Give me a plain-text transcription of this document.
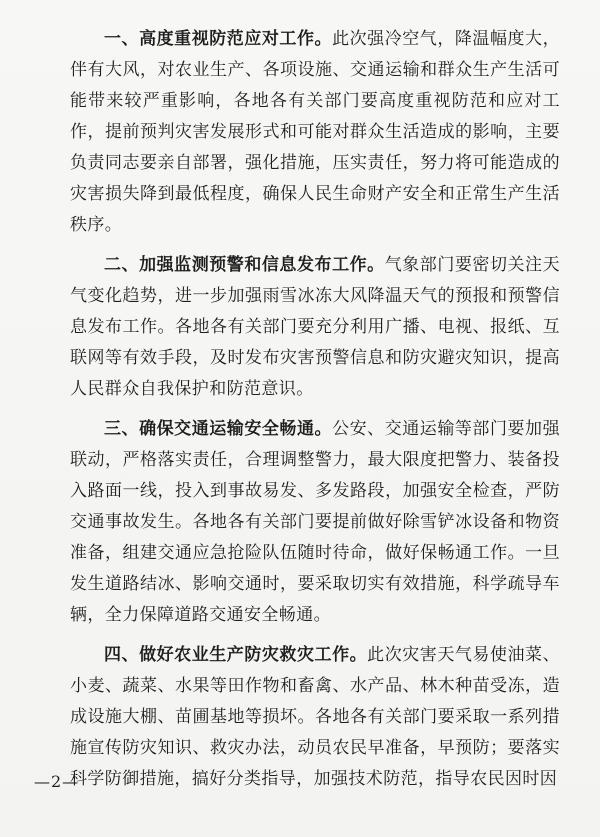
一、高度重视防范应对工作。此次强冷空气，降温幅度大，伴有大风，对农业生产、各项设施、交通运输和群众生产生活可能带来较严重影响，各地各有关部门要高度重视防范和应对工作，提前预判灾害发展形式和可能对群众生活造成的影响，主要负责同志要亲自部署，强化措施，压实责任，努力将可能造成的灾害损失降到最低程度，确保人民生命财产安全和正常生产生活秩序。

二、加强监测预警和信息发布工作。气象部门要密切关注天气变化趋势，进一步加强雨雪冰冻大风降温天气的预报和预警信息发布工作。各地各有关部门要充分利用广播、电视、报纸、互联网等有效手段，及时发布灾害预警信息和防灾避灾知识，提高人民群众自我保护和防范意识。

三、确保交通运输安全畅通。公安、交通运输等部门要加强联动，严格落实责任，合理调整警力，最大限度把警力、装备投入路面一线，投入到事故易发、多发路段，加强安全检查，严防交通事故发生。各地各有关部门要提前做好除雪铲冰设备和物资准备，组建交通应急抢险队伍随时待命，做好保畅通工作。一旦发生道路结冰、影响交通时，要采取切实有效措施，科学疏导车辆，全力保障道路交通安全畅通。

四、做好农业生产防灾救灾工作。此次灾害天气易使油菜、小麦、蔬菜、水果等田作物和畜禽、水产品、林木种苗受冻，造成设施大棚、苗圃基地等损坏。各地各有关部门要采取一系列措施宣传防灾知识、救灾办法，动员农民早准备，早预防；要落实科学防御措施，搞好分类指导，加强技术防范，指导农民因时因

—2—
